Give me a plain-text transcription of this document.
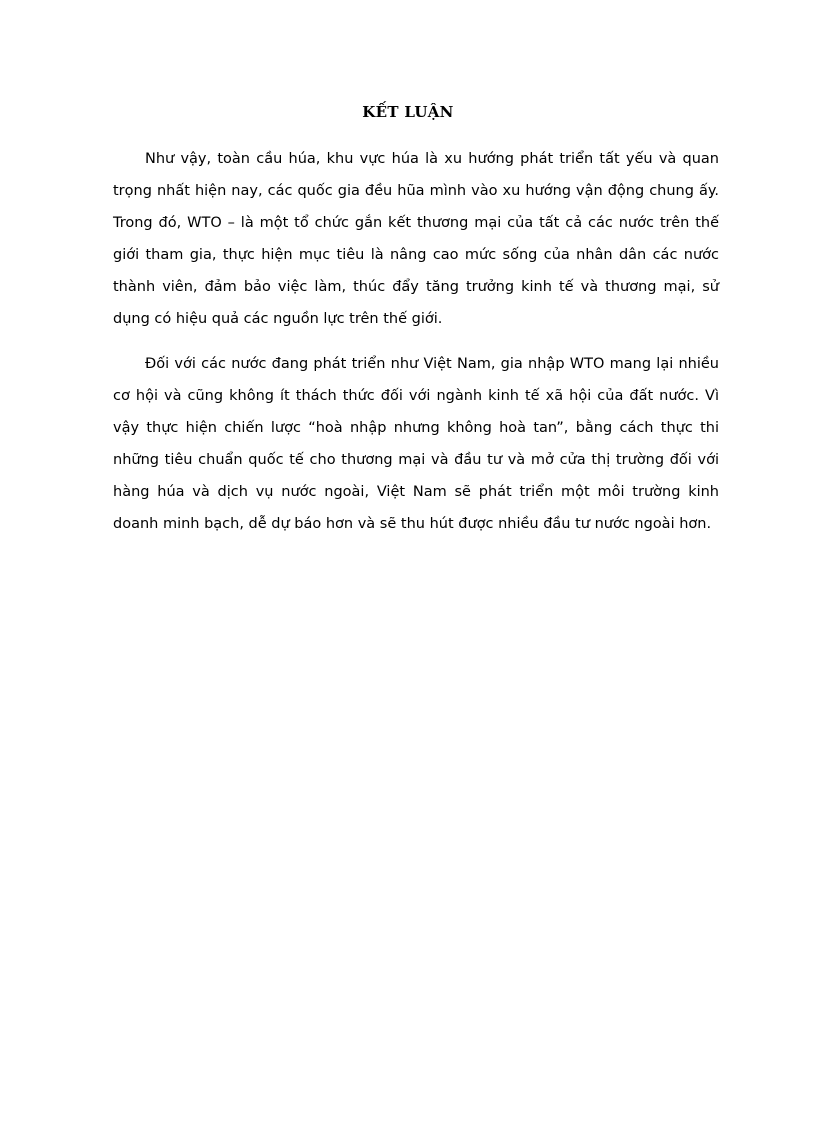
KẾT LUẬN

Như vậy, toàn cầu húa, khu vực húa là xu hướng phát triển tất yếu và quan trọng nhất hiện nay, các quốc gia đều hũa mình vào xu hướng vận động chung ấy. Trong đó, WTO – là một tổ chức gắn kết thương mại của tất cả các nước trên thế giới tham gia, thực hiện mục tiêu là nâng cao mức sống của nhân dân các nước thành viên, đảm bảo việc làm, thúc đẩy tăng trưởng kinh tế và thương mại, sử dụng có hiệu quả các nguồn lực trên thế giới.

Đối với các nước đang phát triển như Việt Nam, gia nhập WTO mang lại nhiều cơ hội và cũng không ít thách thức đối với ngành kinh tế xã hội của đất nước. Vì vậy thực hiện chiến lược “hoà nhập nhưng không hoà tan”, bằng cách thực thi những tiêu chuẩn quốc tế cho thương mại và đầu tư và mở cửa thị trường đối với hàng húa và dịch vụ nước ngoài, Việt Nam sẽ phát triển một môi trường kinh doanh minh bạch, dễ dự báo hơn và sẽ thu hút được nhiều đầu tư nước ngoài hơn.
